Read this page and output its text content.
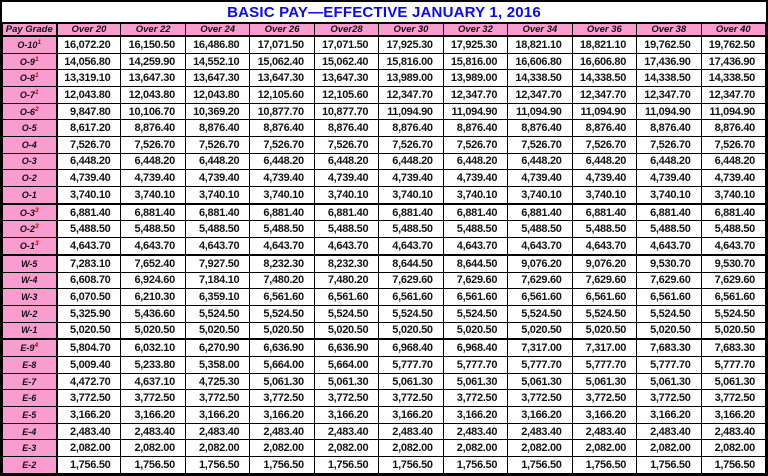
BASIC PAY—EFFECTIVE JANUARY 1, 2016
Pay Grade	Over 20	Over 22	Over 24	Over 26	Over28	Over 30	Over 32	Over 34	Over 36	Over 38	Over 40
$O-10^1$	16,072.20	16,150.50	16,486.80	17,071.50	17,071.50	17,925.30	17,925.30	18,821.10	18,821.10	19,762.50	19,762.50
$O-9^1$	14,056.80	14,259.90	14,552.10	15,062.40	15,062.40	15,816.00	15,816.00	16,606.80	16,606.80	17,436.90	17,436.90
$O-8^1$	13,319.10	13,647.30	13,647.30	13,647.30	13,647.30	13,989.00	13,989.00	14,338.50	14,338.50	14,338.50	14,338.50
$O-7^1$	12,043.80	12,043.80	12,043.80	12,105.60	12,105.60	12,347.70	12,347.70	12,347.70	12,347.70	12,347.70	12,347.70
$O-6^2$	9,847.80	10,106.70	10,369.20	10,877.70	10,877.70	11,094.90	11,094.90	11,094.90	11,094.90	11,094.90	11,094.90
O-5	8,617.20	8,876.40	8,876.40	8,876.40	8,876.40	8,876.40	8,876.40	8,876.40	8,876.40	8,876.40	8,876.40
O-4	7,526.70	7,526.70	7,526.70	7,526.70	7,526.70	7,526.70	7,526.70	7,526.70	7,526.70	7,526.70	7,526.70
O-3	6,448.20	6,448.20	6,448.20	6,448.20	6,448.20	6,448.20	6,448.20	6,448.20	6,448.20	6,448.20	6,448.20
O-2	4,739.40	4,739.40	4,739.40	4,739.40	4,739.40	4,739.40	4,739.40	4,739.40	4,739.40	4,739.40	4,739.40
O-1	3,740.10	3,740.10	3,740.10	3,740.10	3,740.10	3,740.10	3,740.10	3,740.10	3,740.10	3,740.10	3,740.10
$O-3^3$	6,881.40	6,881.40	6,881.40	6,881.40	6,881.40	6,881.40	6,881.40	6,881.40	6,881.40	6,881.40	6,881.40
$O-2^3$	5,488.50	5,488.50	5,488.50	5,488.50	5,488.50	5,488.50	5,488.50	5,488.50	5,488.50	5,488.50	5,488.50
$O-1^3$	4,643.70	4,643.70	4,643.70	4,643.70	4,643.70	4,643.70	4,643.70	4,643.70	4,643.70	4,643.70	4,643.70
W-5	7,283.10	7,652.40	7,927.50	8,232.30	8,232.30	8,644.50	8,644.50	9,076.20	9,076.20	9,530.70	9,530.70
W-4	6,608.70	6,924.60	7,184.10	7,480.20	7,480.20	7,629.60	7,629.60	7,629.60	7,629.60	7,629.60	7,629.60
W-3	6,070.50	6,210.30	6,359.10	6,561.60	6,561.60	6,561.60	6,561.60	6,561.60	6,561.60	6,561.60	6,561.60
W-2	5,325.90	5,436.60	5,524.50	5,524.50	5,524.50	5,524.50	5,524.50	5,524.50	5,524.50	5,524.50	5,524.50
W-1	5,020.50	5,020.50	5,020.50	5,020.50	5,020.50	5,020.50	5,020.50	5,020.50	5,020.50	5,020.50	5,020.50
$E-9^4$	5,804.70	6,032.10	6,270.90	6,636.90	6,636.90	6,968.40	6,968.40	7,317.00	7,317.00	7,683.30	7,683.30
E-8	5,009.40	5,233.80	5,358.00	5,664.00	5,664.00	5,777.70	5,777.70	5,777.70	5,777.70	5,777.70	5,777.70
E-7	4,472.70	4,637.10	4,725.30	5,061.30	5,061.30	5,061.30	5,061.30	5,061.30	5,061.30	5,061.30	5,061.30
E-6	3,772.50	3,772.50	3,772.50	3,772.50	3,772.50	3,772.50	3,772.50	3,772.50	3,772.50	3,772.50	3,772.50
E-5	3,166.20	3,166.20	3,166.20	3,166.20	3,166.20	3,166.20	3,166.20	3,166.20	3,166.20	3,166.20	3,166.20
E-4	2,483.40	2,483.40	2,483.40	2,483.40	2,483.40	2,483.40	2,483.40	2,483.40	2,483.40	2,483.40	2,483.40
E-3	2,082.00	2,082.00	2,082.00	2,082.00	2,082.00	2,082.00	2,082.00	2,082.00	2,082.00	2,082.00	2,082.00
E-2	1,756.50	1,756.50	1,756.50	1,756.50	1,756.50	1,756.50	1,756.50	1,756.50	1,756.50	1,756.50	1,756.50
